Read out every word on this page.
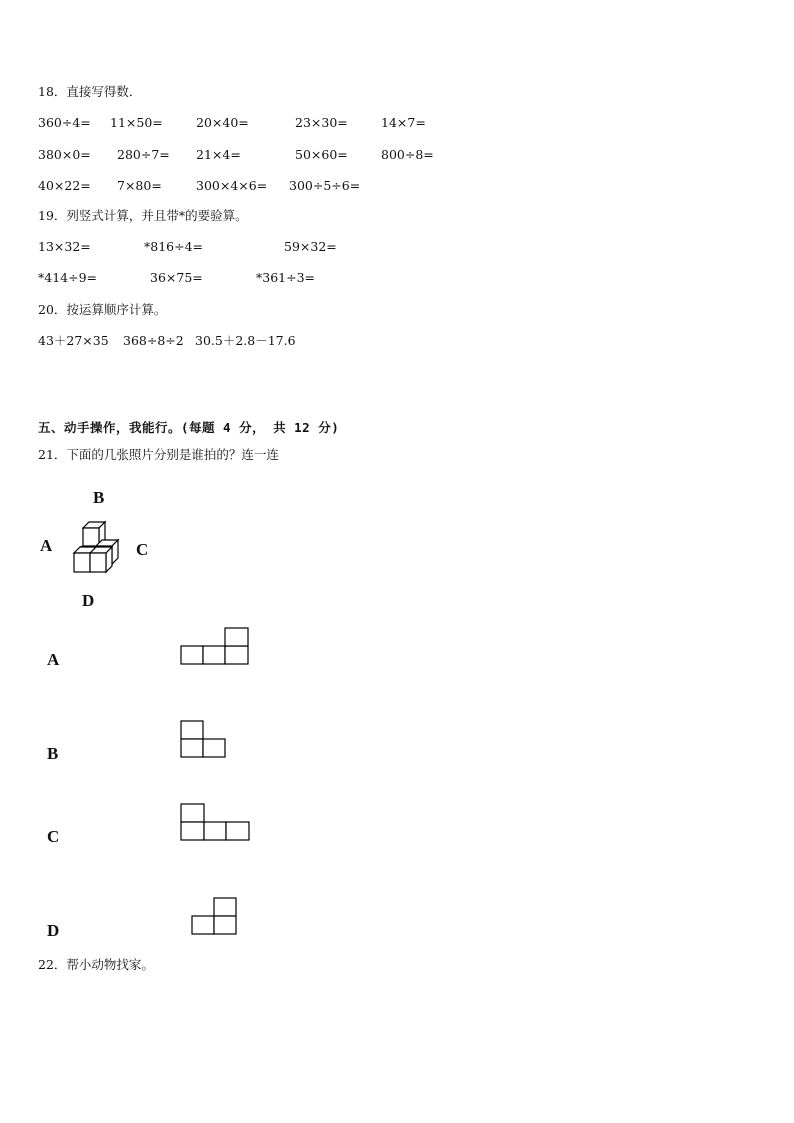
18．直接写得数．
360÷4= 11×50=	20×40=	23×30=	14×7=
380×0= 280÷7= 21×4=	50×60=	800÷8=
40×22= 7×80=	300×4×6= 300÷5÷6=
19．列竖式计算，并且带*的要验算。
13×32=	*816÷4=	59×32=
*414÷9=	36×75=	*361÷3=
20．按运算顺序计算。
43＋27×35 368÷8÷2 30.5＋2.8－17.6
五、动手操作，我能行。(每题 4 分， 共 12 分)
21．下面的几张照片分别是谁拍的？连一连
B
A	C
D
A
B
C
D
22．帮小动物找家。
